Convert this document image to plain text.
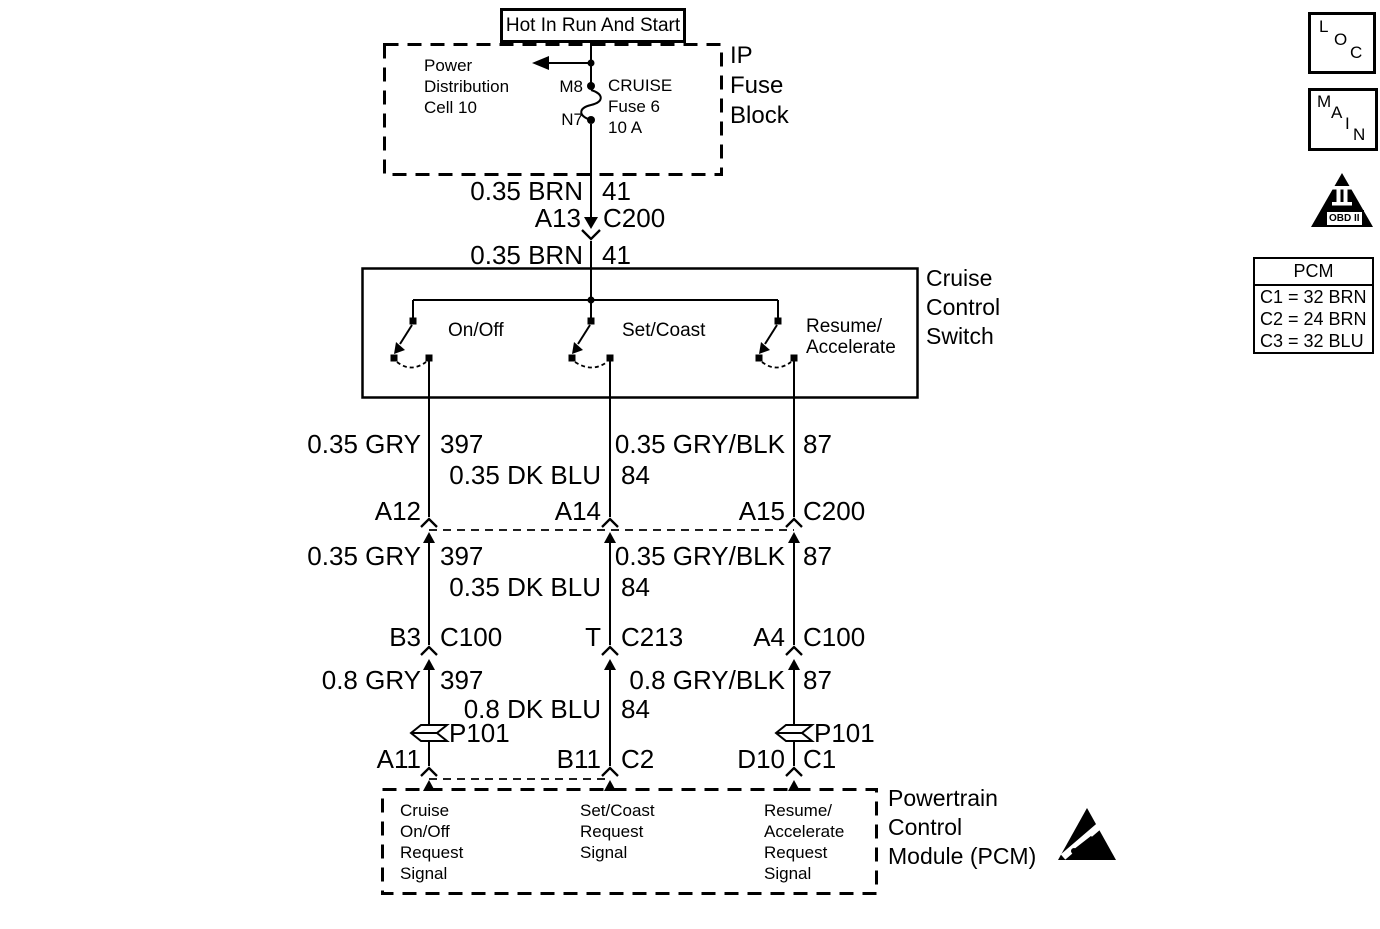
Hot In Run And Start
Power
Distribution
Cell 10
M8
N7
CRUISE
Fuse 6
10 A
IP
Fuse
Block
0.35 BRN 41
A13 C200
0.35 BRN 41
On/Off	Set/Coast	Resume/
Accelerate
Cruise
Control
Switch
0.35 GRY 397
0.35 DK BLU 84
0.35 GRY/BLK 87
A12	A14	A15 C200
0.35 GRY 397
0.35 DK BLU 84
0.35 GRY/BLK 87
B3 C100	T C213	A4 C100
0.8 GRY 397
0.8 DK BLU 84
0.8 GRY/BLK 87
P101	P101
A11	B11 C2	D10 C1
Cruise
On/Off
Request
Signal
Set/Coast
Request
Signal
Resume/
Accelerate
Request
Signal
Powertrain
Control
Module (PCM)
L
O
C
M
A
I
N
OBD II
PCM
C1 = 32 BRN
C2 = 24 BRN
C3 = 32 BLU
